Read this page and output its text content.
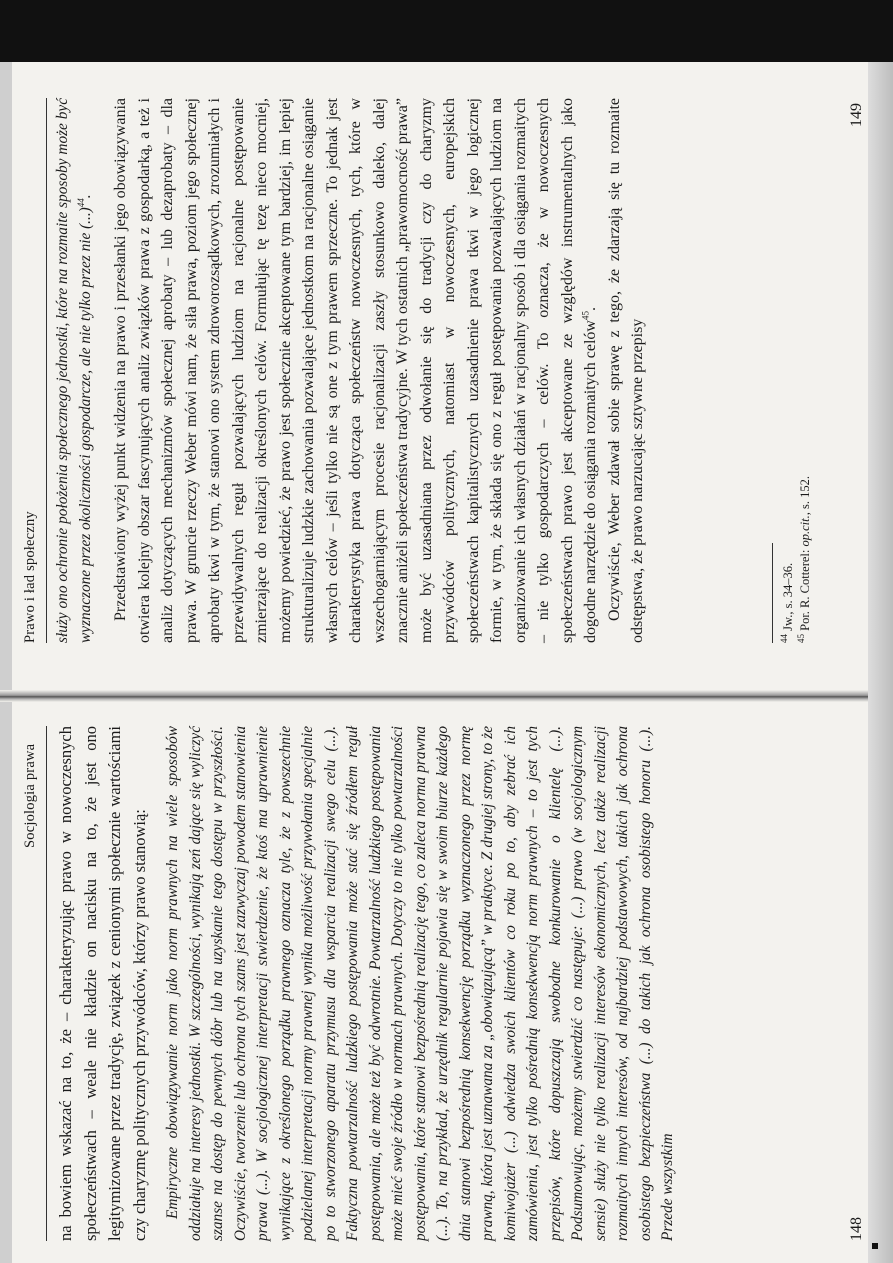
Socjologia prawa na bowiem wskazać na to, że – charakteryzując prawo w nowoczesnych społeczeństwach – weale nie kładzie on nacisku na to, że jest ono legitymizowane przez tradycję, związek z cenionymi społecznie wartościami czy charyzmę politycznych przywódców, którzy prawo stanowią: Empiryczne obowiązywanie norm jako norm prawnych na wiele sposobów oddziałuje na interesy jednostki. W szczególności, wynikają zeń dające się wyliczyć szanse na dostęp do pewnych dóbr lub na uzyskanie tego dostępu w przyszłości. Oczywiście, tworzenie lub ochrona tych szans jest zazwyczaj powodem stanowienia prawa (...). W socjologicznej interpretacji stwierdzenie, że ktoś ma uprawnienie wynikające z określonego porządku prawnego oznacza tyle, że z powszechnie podzielanej interpretacji normy prawnej wynika możliwość przywołania specjalnie po to stworzonego aparatu przymusu dla wsparcia realizacji swego celu (...). Faktyczna powtarzalność ludzkiego postępowania może stać się źródłem reguł postępowania, ale może też być odwrotnie. Powtarzalność ludzkiego postępowania może mieć swoje źródło w normach prawnych. Dotyczy to nie tylko powtarzalności postępowania, które stanowi bezpośrednią realizację tego, co zaleca norma prawna (...). To, na przykład, że urzędnik regularnie pojawia się w swoim biurze każdego dnia stanowi bezpośrednią konsekwencję porządku wyznaczonego przez normę prawną, która jest uznawana za „obowiązującą” w praktyce. Z drugiej strony, to że komiwojażer (...) odwiedza swoich klientów co roku po to, aby zebrać ich zamówienia, jest tylko pośrednią konsekwencją norm prawnych – to jest tych przepisów, które dopuszczają swobodne konkurowanie o klientelę (...). Podsumowując, możemy stwierdzić co następuje: (...) prawo (w socjologicznym sensie) służy nie tylko realizacji interesów ekonomicznych, lecz także realizacji rozmaitych innych interesów, od najbardziej podstawowych, takich jak ochrona osobistego bezpieczeństwa (...) do takich jak ochrona osobistego honoru (...). Przede wszystkim	148
Prawo i ład społeczny służy ono ochronie położenia społecznego jednostki, które na rozmaite sposoby może być wyznaczone przez okoliczności gospodarcze, ale nie tylko przez nie (...)$^{44}$. Przedstawiony wyżej punkt widzenia na prawo i przesłanki jego obowiązywania otwiera kolejny obszar fascynujących analiz związków prawa z gospodarką, a też i analiz dotyczących mechanizmów społecznej aprobaty – lub dezaprobaty – dla prawa. W gruncie rzeczy Weber mówi nam, że siła prawa, poziom jego społecznej aprobaty tkwi w tym, że stanowi ono system zdroworozsądkowych, zrozumiałych i przewidywalnych reguł pozwalających ludziom na racjonalne postępowanie zmierzające do realizacji określonych celów. Formułując tę tezę nieco mocniej, możemy powiedzieć, że prawo jest społecznie akceptowane tym bardziej, im lepiej strukturalizuje ludzkie zachowania pozwalające jednostkom na racjonalne osiąganie własnych celów – jeśli tylko nie są one z tym prawem sprzeczne. To jednak jest charakterystyka prawa dotycząca społeczeństw nowoczesnych, tych, które w wszechogarniającym procesie racjonalizacji zaszły stosunkowo daleko, dalej znacznie aniżeli społeczeństwa tradycyjne. W tych ostatnich „prawomocność prawa” może być uzasadniana przez odwołanie się do tradycji czy do charyzmy przywódców politycznych, natomiast w nowoczesnych, europejskich społeczeństwach kapitalistycznych uzasadnienie prawa tkwi w jego logicznej formie, w tym, że składa się ono z reguł postępowania pozwalających ludziom na organizowanie ich własnych działań w racjonalny sposób i dla osiągania rozmaitych – nie tylko gospodarczych – celów. To oznacza, że w nowoczesnych społeczeństwach prawo jest akceptowane ze względów instrumentalnych jako dogodne narzędzie do osiągania rozmaitych celów$^{45}$. Oczywiście, Weber zdawał sobie sprawę z tego, że zdarzają się tu rozmaite odstępstwa, że prawo narzucając sztywne przepisy	$^{44}$ Jw., s. 34–36.

$^{45}$ Por. R. Cotterel: op.cit., s. 152.

149
